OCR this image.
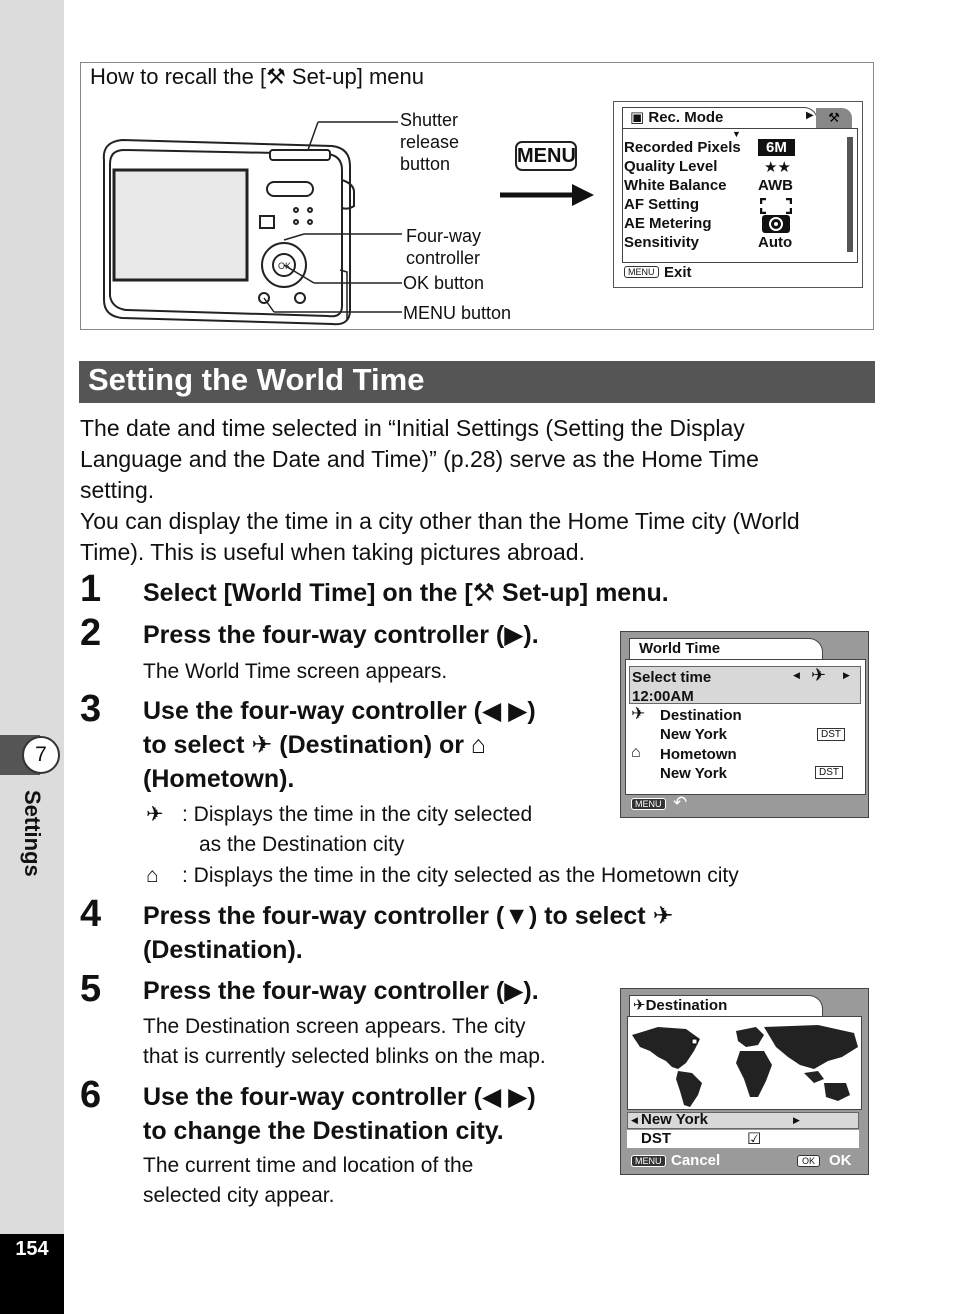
7
Settings
154
How to recall the [⚒ Set-up] menu
OK
Shutter
release
button
Four-way
controller
OK button
MENU button
MENU
▣ Rec. Mode	▶	⚒
▼
Recorded Pixels	6M
Quality Level	★★
White Balance AWB
AF Setting
AE Metering
Sensitivity	Auto
MENU Exit
Setting the World Time
The date and time selected in “Initial Settings (Setting the Display
Language and the Date and Time)” (p.28) serve as the Home Time
setting.
You can display the time in a city other than the Home Time city (World
Time). This is useful when taking pictures abroad.
1 Select [World Time] on the [⚒ Set-up] menu.
2 Press the four-way controller (▶).
The World Time screen appears.
3 Use the four-way controller (◀ ▶)
to select ✈ (Destination) or ⌂
(Hometown).
✈ : Displays the time in the city selected
as the Destination city
⌂ : Displays the time in the city selected as the Hometown city
4 Press the four-way controller (▼) to select ✈
(Destination).
5 Press the four-way controller (▶).
The Destination screen appears. The city
that is currently selected blinks on the map.
6 Use the four-way controller (◀ ▶)
to change the Destination city.
The current time and location of the
selected city appear.
World Time
Select time	◀ ✈ ▶
12:00AM
✈ Destination
New York	DST
⌂ Hometown
New York	DST
MENU ↶
✈Destination
◀ New York	▶
DST	☑
MENU Cancel	OK OK
